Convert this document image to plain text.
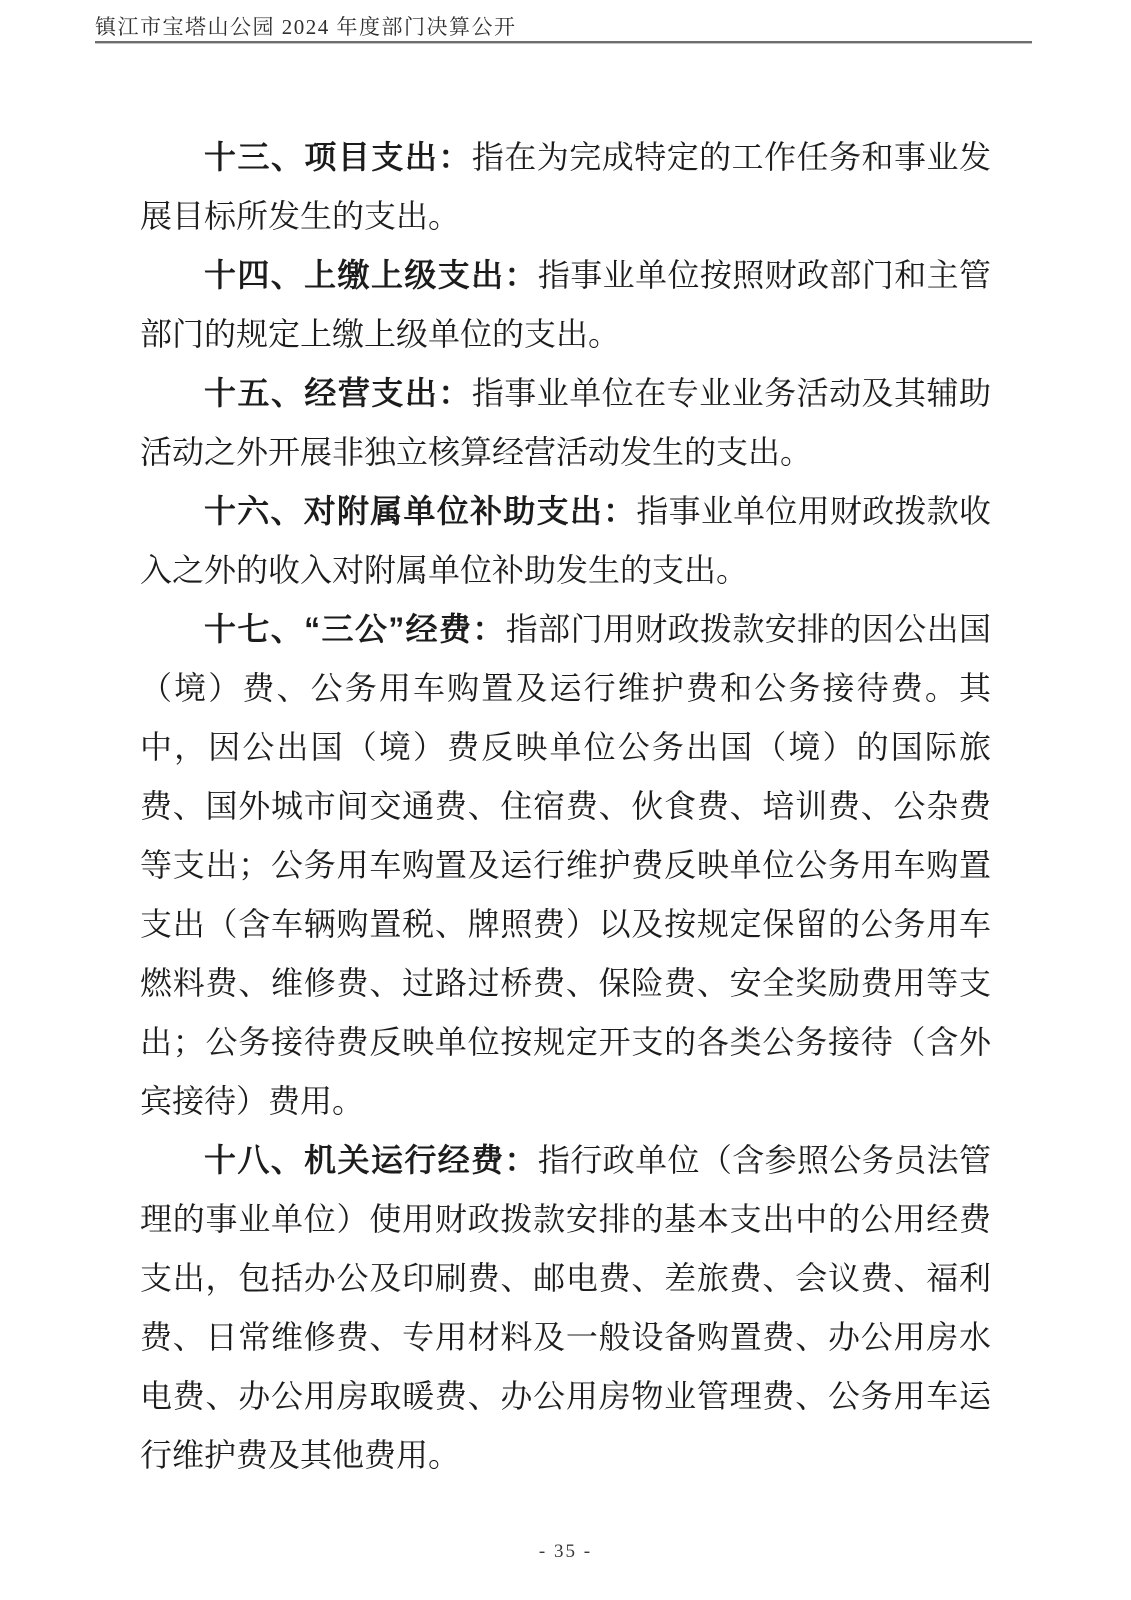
镇江市宝塔山公园 2024 年度部门决算公开

十三、项目支出：指在为完成特定的工作任务和事业发展目标所发生的支出。

十四、上缴上级支出：指事业单位按照财政部门和主管部门的规定上缴上级单位的支出。

十五、经营支出：指事业单位在专业业务活动及其辅助活动之外开展非独立核算经营活动发生的支出。

十六、对附属单位补助支出：指事业单位用财政拨款收入之外的收入对附属单位补助发生的支出。

十七、“三公”经费：指部门用财政拨款安排的因公出国（境）费、公务用车购置及运行维护费和公务接待费。其中，因公出国（境）费反映单位公务出国（境）的国际旅费、国外城市间交通费、住宿费、伙食费、培训费、公杂费等支出；公务用车购置及运行维护费反映单位公务用车购置支出（含车辆购置税、牌照费）以及按规定保留的公务用车燃料费、维修费、过路过桥费、保险费、安全奖励费用等支出；公务接待费反映单位按规定开支的各类公务接待（含外宾接待）费用。

十八、机关运行经费：指行政单位（含参照公务员法管理的事业单位）使用财政拨款安排的基本支出中的公用经费支出，包括办公及印刷费、邮电费、差旅费、会议费、福利费、日常维修费、专用材料及一般设备购置费、办公用房水电费、办公用房取暖费、办公用房物业管理费、公务用车运行维护费及其他费用。

- 35 -
